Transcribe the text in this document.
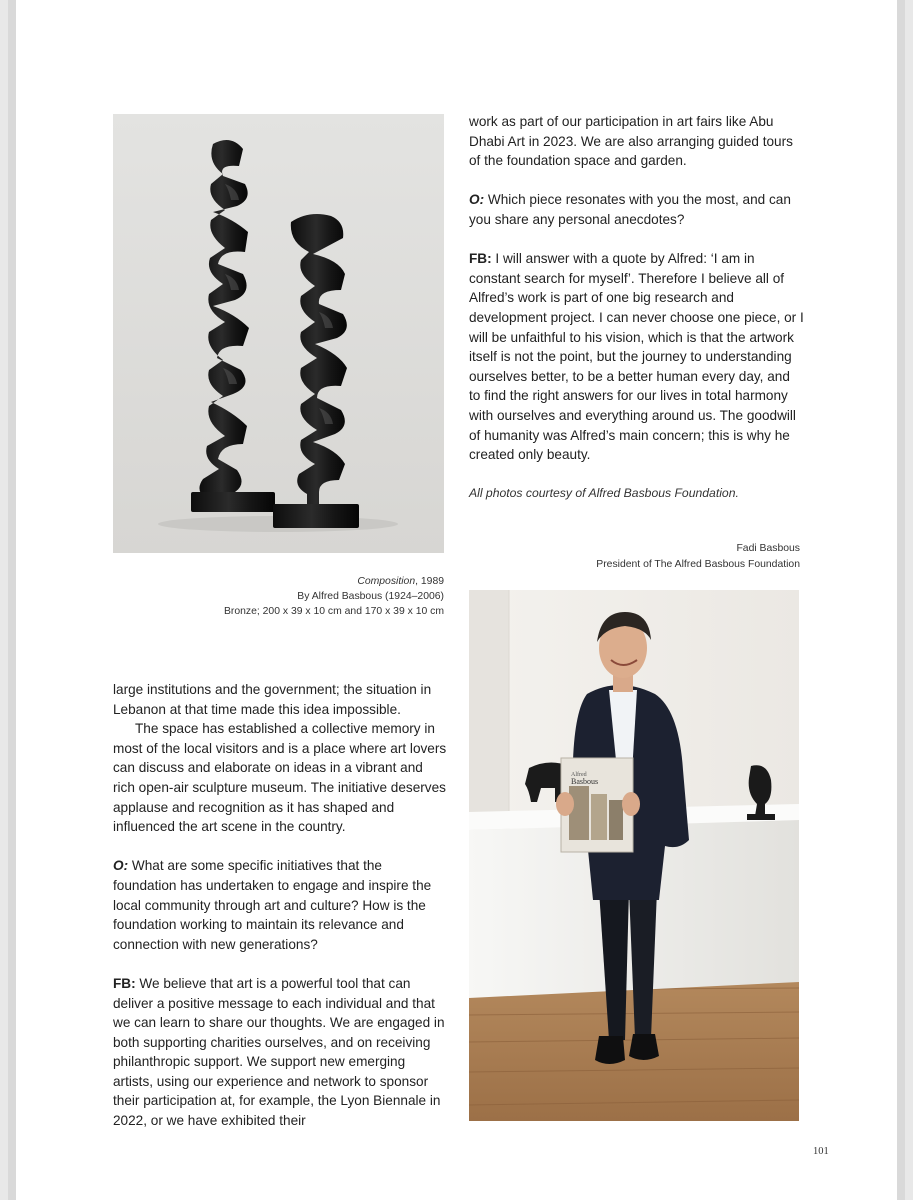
Composition, 1989
By Alfred Basbous (1924–2006)
Bronze; 200 x 39 x 10 cm and 170 x 39 x 10 cm

work as part of our participation in art fairs like Abu Dhabi Art in 2023. We are also arranging guided tours of the foundation space and garden.

O: Which piece resonates with you the most, and can you share any personal anecdotes?

FB: I will answer with a quote by Alfred: ‘I am in constant search for myself’. Therefore I believe all of Alfred’s work is part of one big research and development project. I can never choose one piece, or I will be unfaithful to his vision, which is that the artwork itself is not the point, but the journey to understanding ourselves better, to be a better human every day, and to find the right answers for our lives in total harmony with ourselves and everything around us. The goodwill of humanity was Alfred’s main concern; this is why he created only beauty.

All photos courtesy of Alfred Basbous Foundation.

Fadi Basbous
President of The Alfred Basbous Foundation
Alfred
Basbous

large institutions and the government; the situation in Lebanon at that time made this idea impossible.

The space has established a collective memory in most of the local visitors and is a place where art lovers can discuss and elaborate on ideas in a vibrant and rich open-air sculpture museum. The initiative deserves applause and recognition as it has shaped and influenced the art scene in the country.

O: What are some specific initiatives that the foundation has undertaken to engage and inspire the local community through art and culture? How is the foundation working to maintain its relevance and connection with new generations?

FB: We believe that art is a powerful tool that can deliver a positive message to each individual and that we can learn to share our thoughts. We are engaged in both supporting charities ourselves, and on receiving philanthropic support. We support new emerging artists, using our experience and network to sponsor their participation at, for example, the Lyon Biennale in 2022, or we have exhibited their

101
